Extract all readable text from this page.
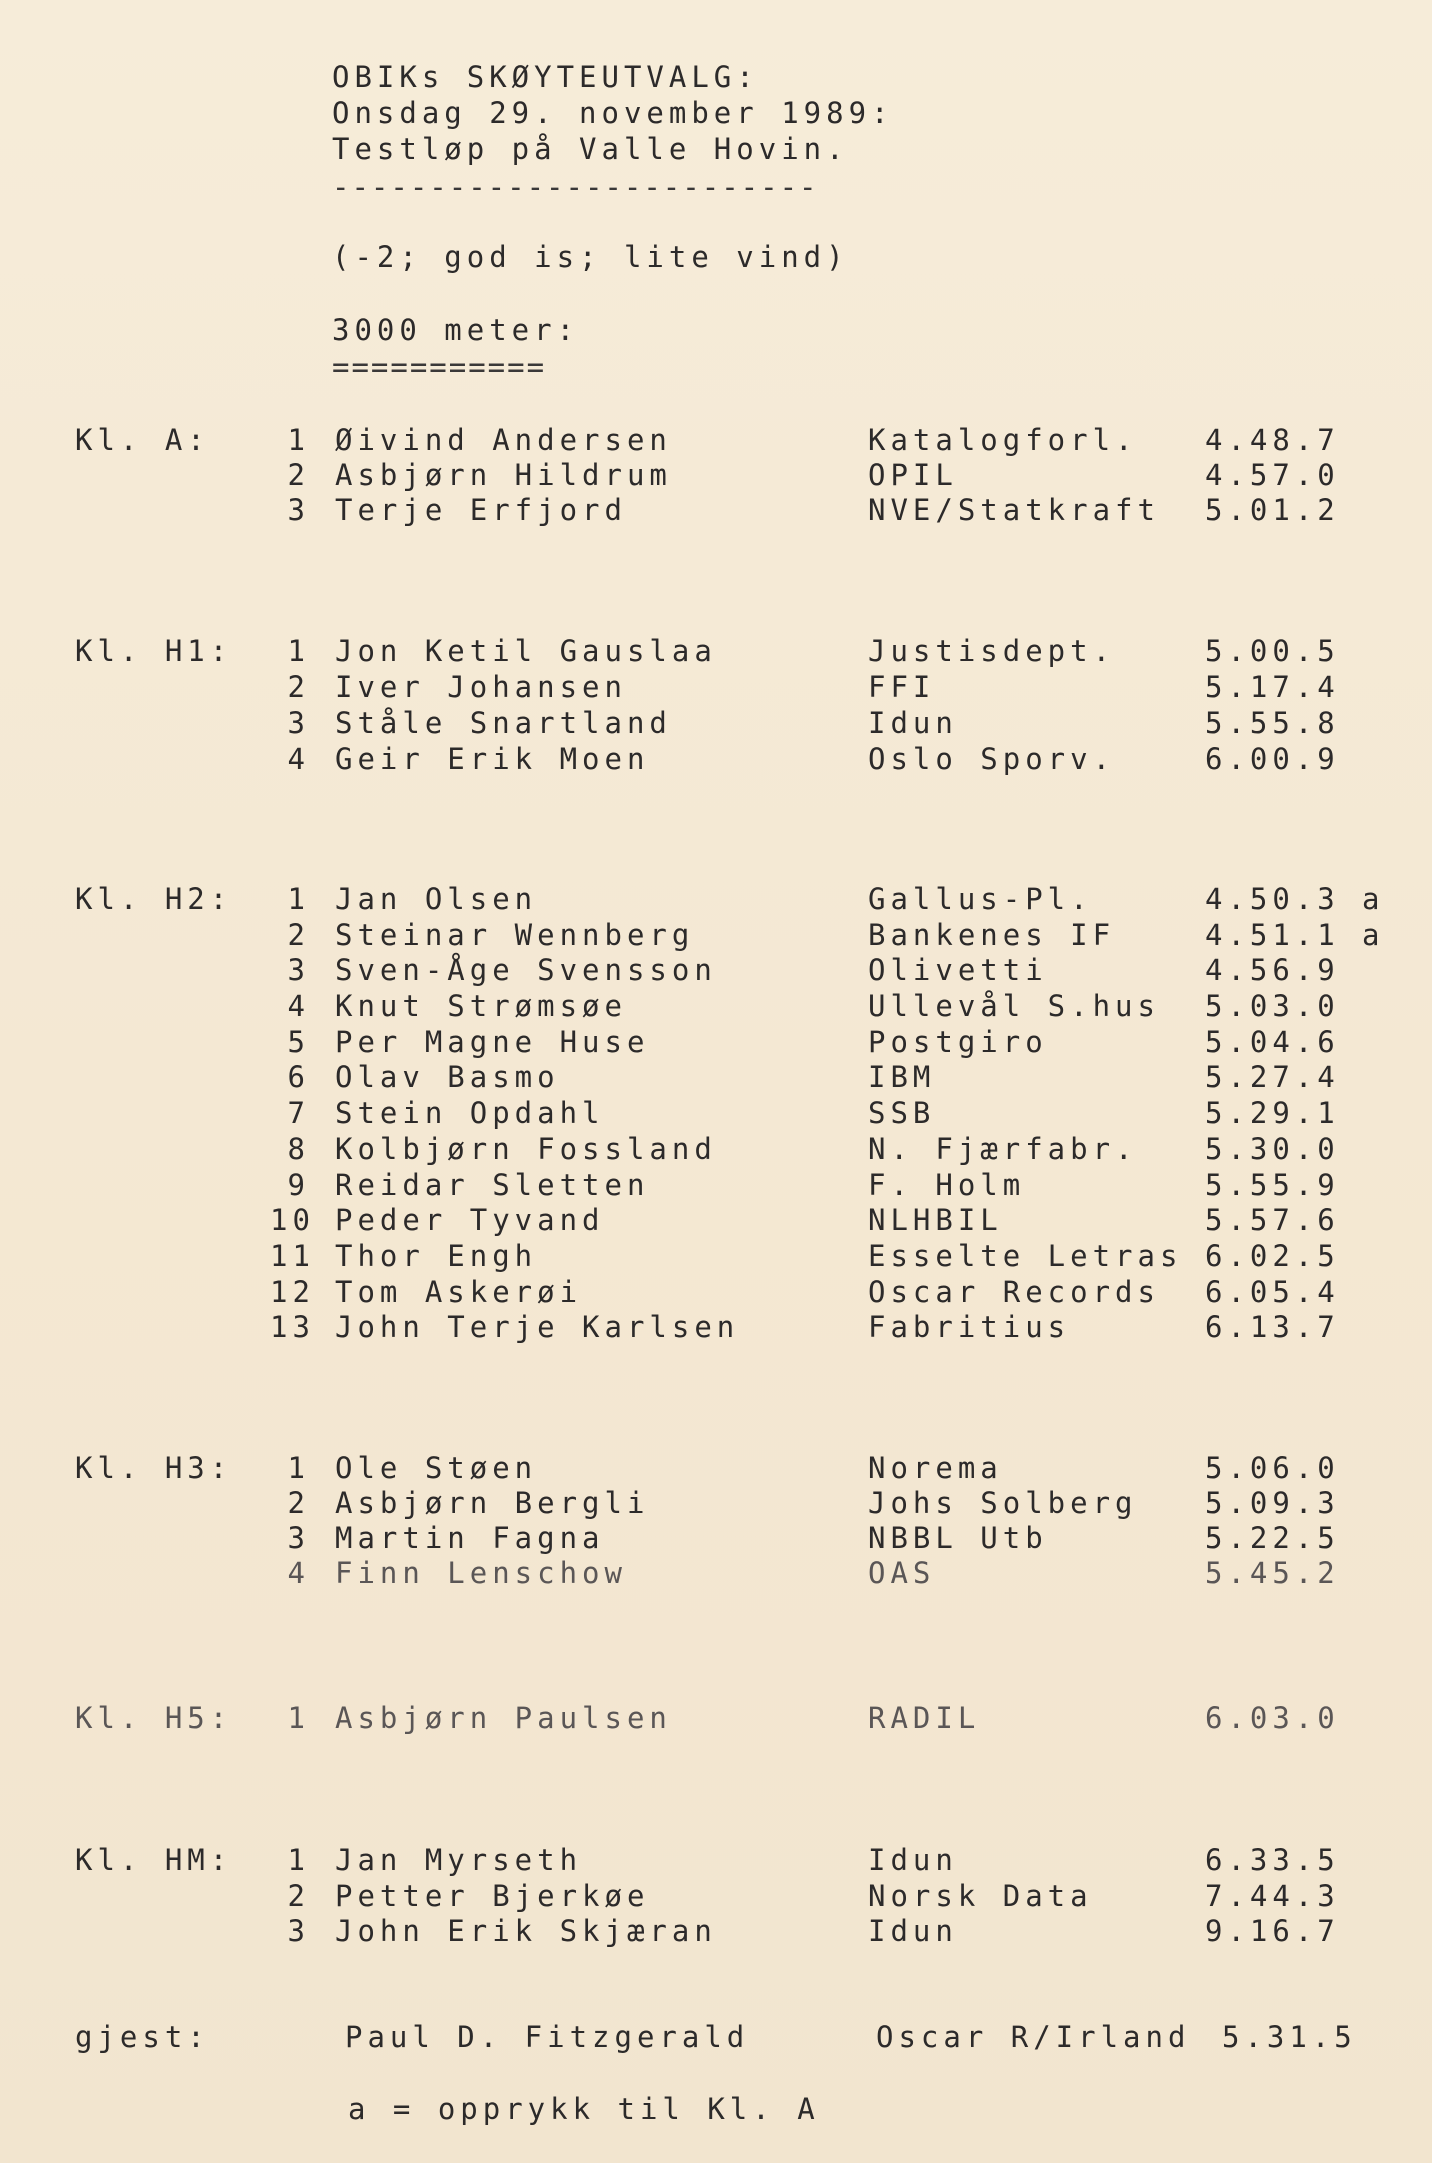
OBIKs SKØYTEUTVALG:
Onsdag 29. november 1989:
Testløp på Valle Hovin.
-------------------------
(-2; god is; lite vind)
3000 meter:
===========
Kl. A:	1 Øivind Andersen	Katalogforl. 4.48.7
2 Asbjørn Hildrum	OPIL	4.57.0
3 Terje Erfjord	NVE/Statkraft 5.01.2
Kl. H1:	1 Jon Ketil Gauslaa	Justisdept.	5.00.5
2 Iver Johansen	FFI	5.17.4
3 Ståle Snartland	Idun	5.55.8
4 Geir Erik Moen	Oslo Sporv.	6.00.9
Kl. H2:	1 Jan Olsen	Gallus-Pl.	4.50.3 a
2 Steinar Wennberg	Bankenes IF	4.51.1 a
3 Sven-Åge Svensson	Olivetti	4.56.9
4 Knut Strømsøe	Ullevål S.hus 5.03.0
5 Per Magne Huse	Postgiro	5.04.6
6 Olav Basmo	IBM	5.27.4
7 Stein Opdahl	SSB	5.29.1
8 Kolbjørn Fossland	N. Fjærfabr. 5.30.0
9 Reidar Sletten	F. Holm	5.55.9
10 Peder Tyvand	NLHBIL	5.57.6
11 Thor Engh	Esselte Letras 6.02.5
12 Tom Askerøi	Oscar Records 6.05.4
13 John Terje Karlsen	Fabritius	6.13.7
Kl. H3:	1 Ole Støen	Norema	5.06.0
2 Asbjørn Bergli	Johs Solberg 5.09.3
3 Martin Fagna	NBBL Utb	5.22.5
4 Finn Lenschow	OAS	5.45.2
Kl. H5:	1 Asbjørn Paulsen	RADIL	6.03.0
Kl. HM:	1 Jan Myrseth	Idun	6.33.5
2 Petter Bjerkøe	Norsk Data	7.44.3
3 John Erik Skjæran	Idun	9.16.7
gjest:	Paul D. Fitzgerald	Oscar R/Irland 5.31.5
a = opprykk til Kl. A
